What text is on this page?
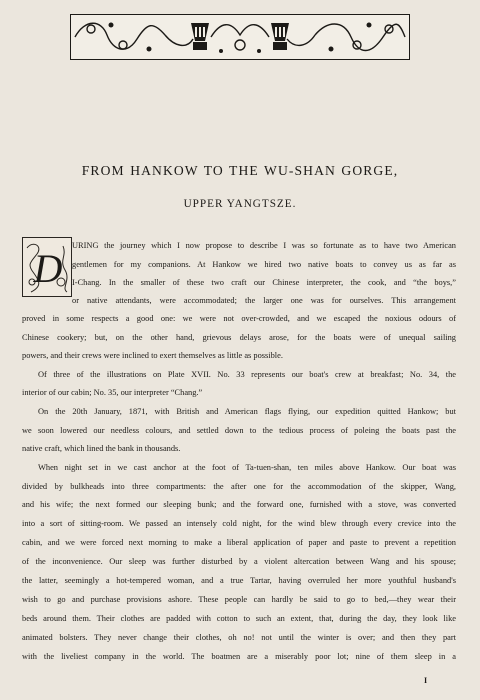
FROM HANKOW TO THE WU-SHAN GORGE,
UPPER YANGTSZE.
D
URING the journey which I now propose to describe I was so fortunate as to have two American
gentlemen for my companions. At Hankow we hired two native boats to convey us as far as
I-Chang. In the smaller of these two craft our Chinese interpreter, the cook, and “the boys,”
or native attendants, were accommodated; the larger one was for ourselves. This arrangement
proved in some respects a good one: we were not over-crowded, and we escaped the noxious odours of
Chinese cookery; but, on the other hand, grievous delays arose, for the boats were of unequal sailing
powers, and their crews were inclined to exert themselves as little as possible.
Of three of the illustrations on Plate XVII. No. 33 represents our boat's crew at breakfast; No. 34, the
interior of our cabin; No. 35, our interpreter “Chang.”
On the 20th January, 1871, with British and American flags flying, our expedition quitted Hankow; but
we soon lowered our needless colours, and settled down to the tedious process of poleing the boats past the
native craft, which lined the bank in thousands.
When night set in we cast anchor at the foot of Ta-tuen-shan, ten miles above Hankow. Our boat was
divided by bulkheads into three compartments: the after one for the accommodation of the skipper, Wang,
and his wife; the next formed our sleeping bunk; and the forward one, furnished with a stove, was converted
into a sort of sitting-room. We passed an intensely cold night, for the wind blew through every crevice into the
cabin, and we were forced next morning to make a liberal application of paper and paste to prevent a repetition
of the inconvenience. Our sleep was further disturbed by a violent altercation between Wang and his spouse;
the latter, seemingly a hot-tempered woman, and a true Tartar, having overruled her more youthful husband's
wish to go and purchase provisions ashore. These people can hardly be said to go to bed,—they wear their
beds around them. Their clothes are padded with cotton to such an extent, that, during the day, they look like
animated bolsters. They never change their clothes, oh no! not until the winter is over; and then they part
with the liveliest company in the world. The boatmen are a miserably poor lot; nine of them sleep in a
I
